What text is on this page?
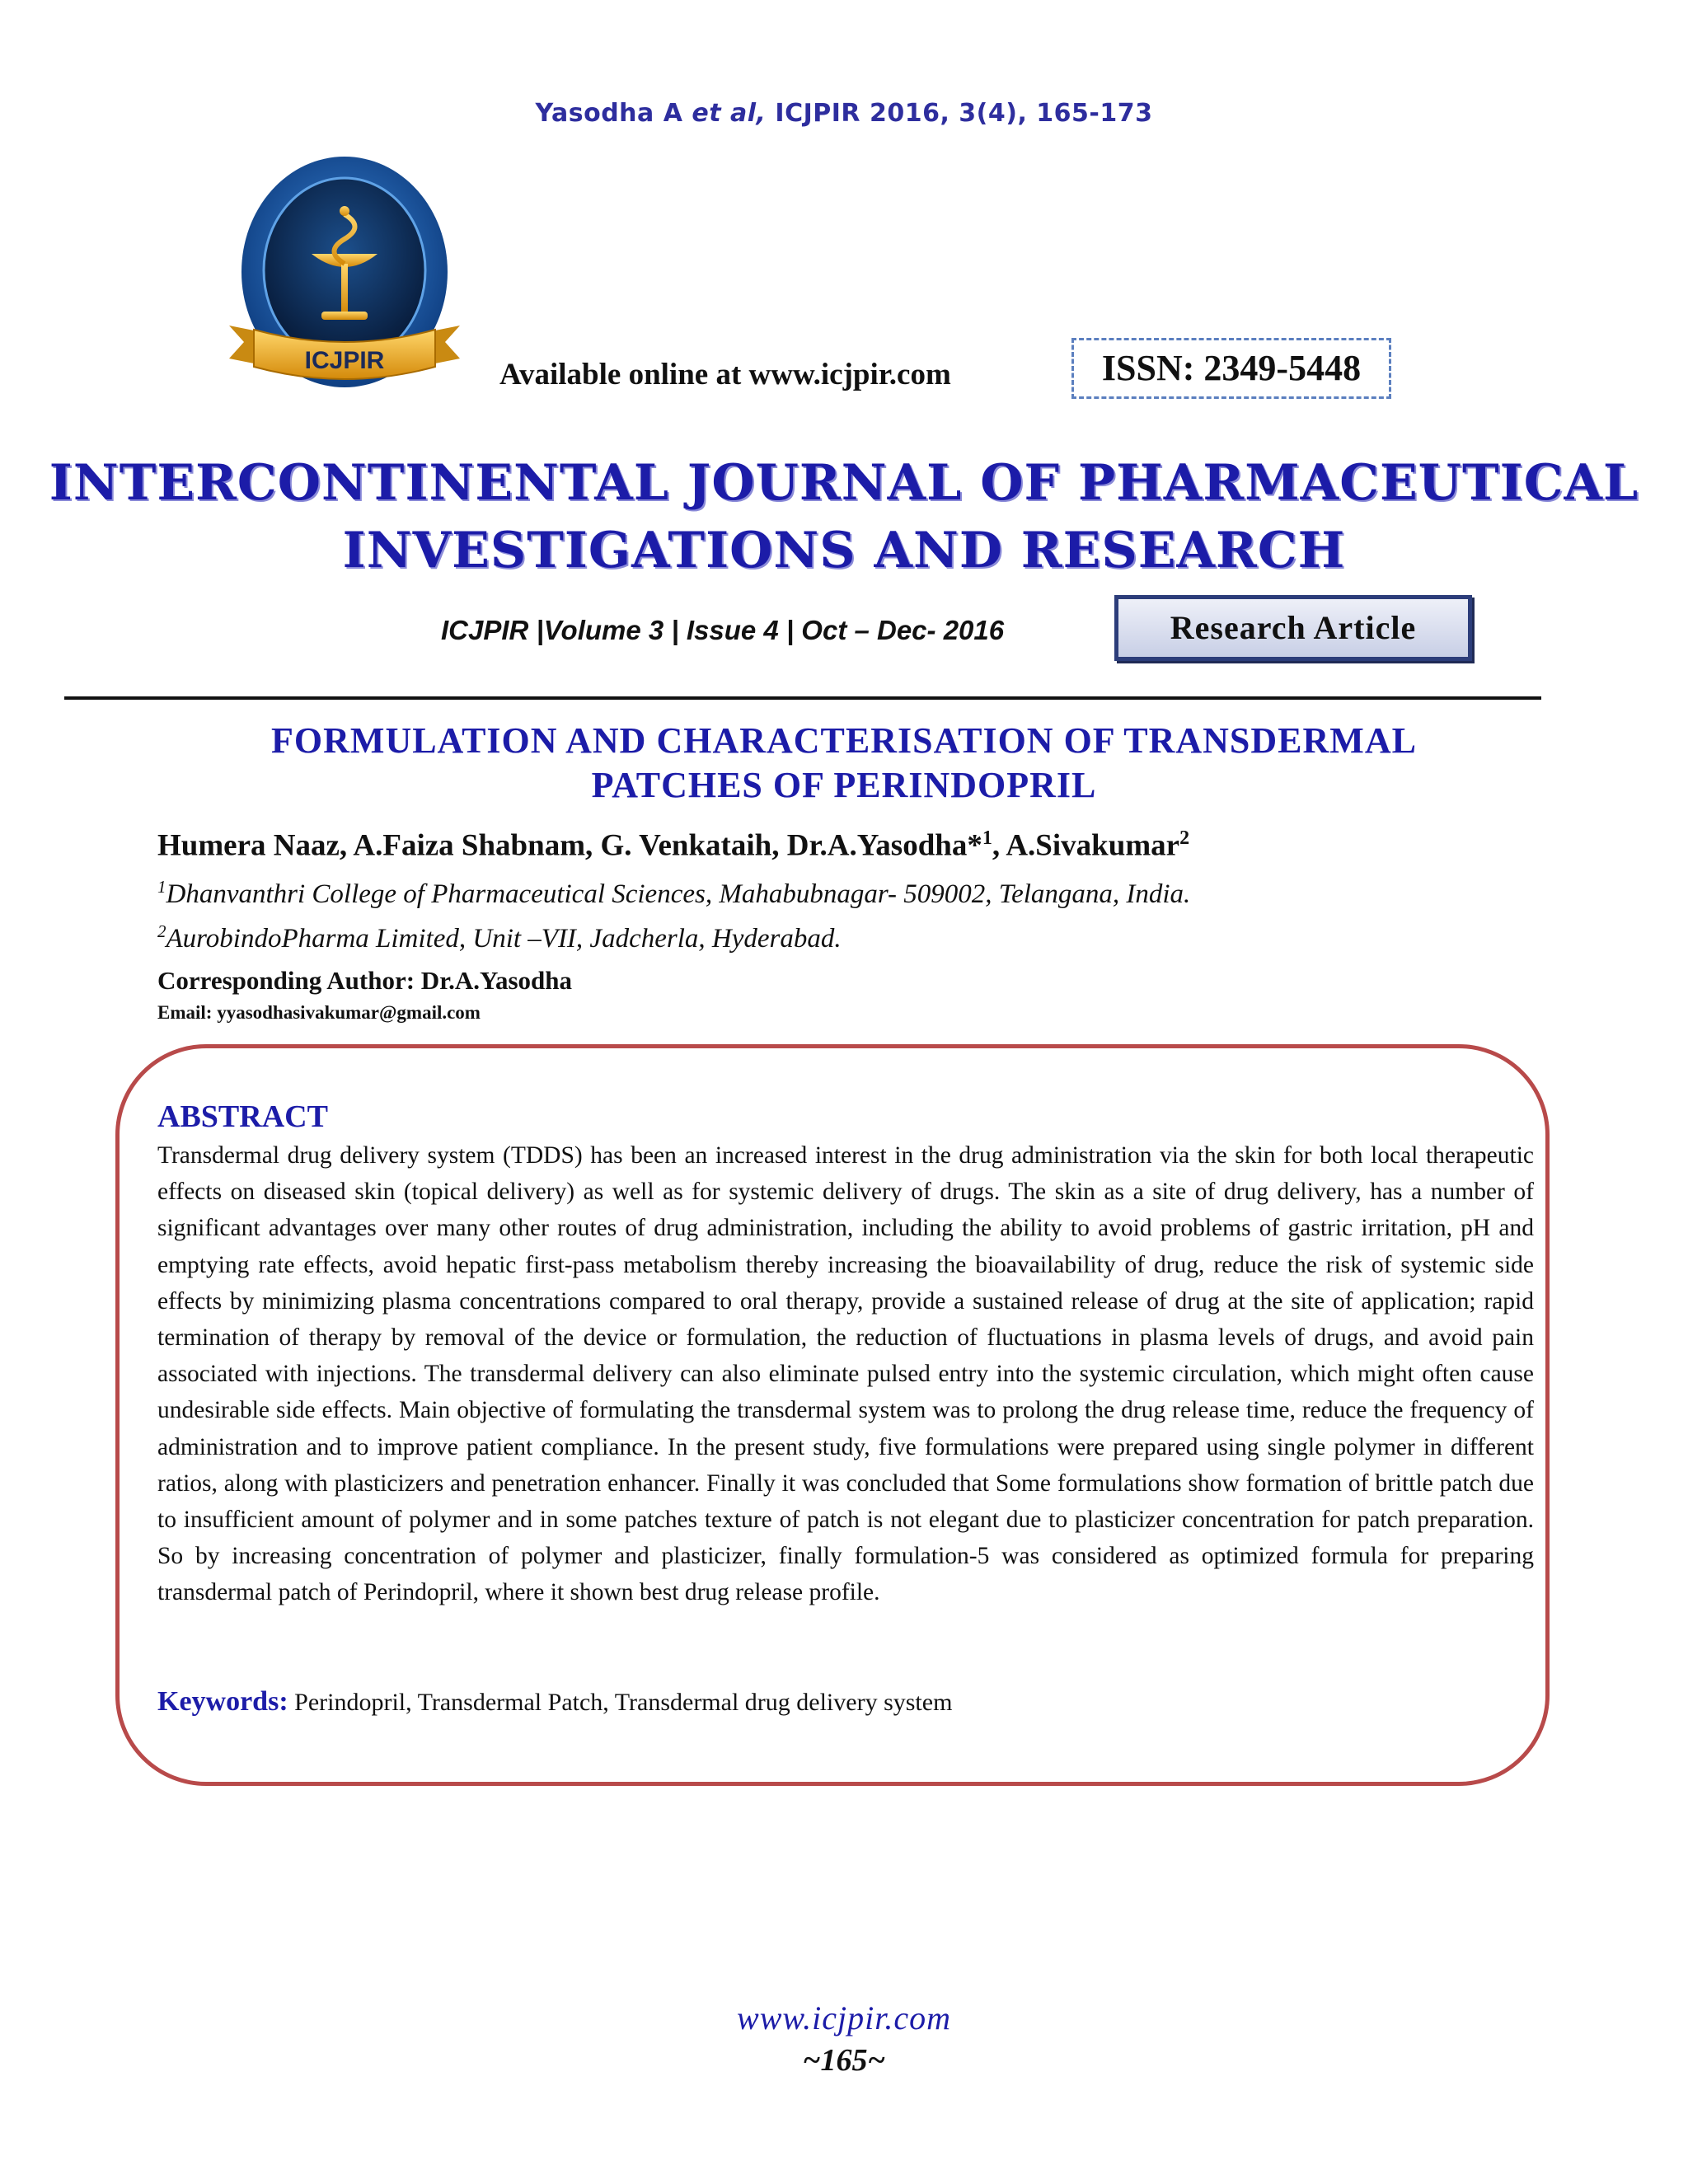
Yasodha A et al, ICJPIR 2016, 3(4), 165-173
ICJPIR	Available online at www.icjpir.com	ISSN: 2349-5448
INTERCONTINENTAL JOURNAL OF PHARMACEUTICAL
INVESTIGATIONS AND RESEARCH
ICJPIR |Volume 3 | Issue 4 | Oct – Dec- 2016	Research Article
FORMULATION AND CHARACTERISATION OF TRANSDERMAL
PATCHES OF PERINDOPRIL
Humera Naaz, A.Faiza Shabnam, G. Venkataih, Dr.A.Yasodha*$^1$, A.Sivakumar$^2$
$^1$Dhanvanthri College of Pharmaceutical Sciences, Mahabubnagar- 509002, Telangana, India.
$^2$AurobindoPharma Limited, Unit –VII, Jadcherla, Hyderabad.
Corresponding Author: Dr.A.Yasodha
Email: yyasodhasivakumar@gmail.com
ABSTRACT
Transdermal drug delivery system (TDDS) has been an increased interest in the drug administration via the skin for both local therapeutic effects on diseased skin (topical delivery) as well as for systemic delivery of drugs. The skin as a site of drug delivery, has a number of significant advantages over many other routes of drug administration, including the ability to avoid problems of gastric irritation, pH and emptying rate effects, avoid hepatic first-pass metabolism thereby increasing the bioavailability of drug, reduce the risk of systemic side effects by minimizing plasma concentrations compared to oral therapy, provide a sustained release of drug at the site of application; rapid termination of therapy by removal of the device or formulation, the reduction of fluctuations in plasma levels of drugs, and avoid pain associated with injections. The transdermal delivery can also eliminate pulsed entry into the systemic circulation, which might often cause undesirable side effects. Main objective of formulating the transdermal system was to prolong the drug release time, reduce the frequency of administration and to improve patient compliance. In the present study, five formulations were prepared using single polymer in different ratios, along with plasticizers and penetration enhancer. Finally it was concluded that Some formulations show formation of brittle patch due to insufficient amount of polymer and in some patches texture of patch is not elegant due to plasticizer concentration for patch preparation. So by increasing concentration of polymer and plasticizer, finally formulation-5 was considered as optimized formula for preparing transdermal patch of Perindopril, where it shown best drug release profile.
Keywords: Perindopril, Transdermal Patch, Transdermal drug delivery system
www.icjpir.com
~165~
